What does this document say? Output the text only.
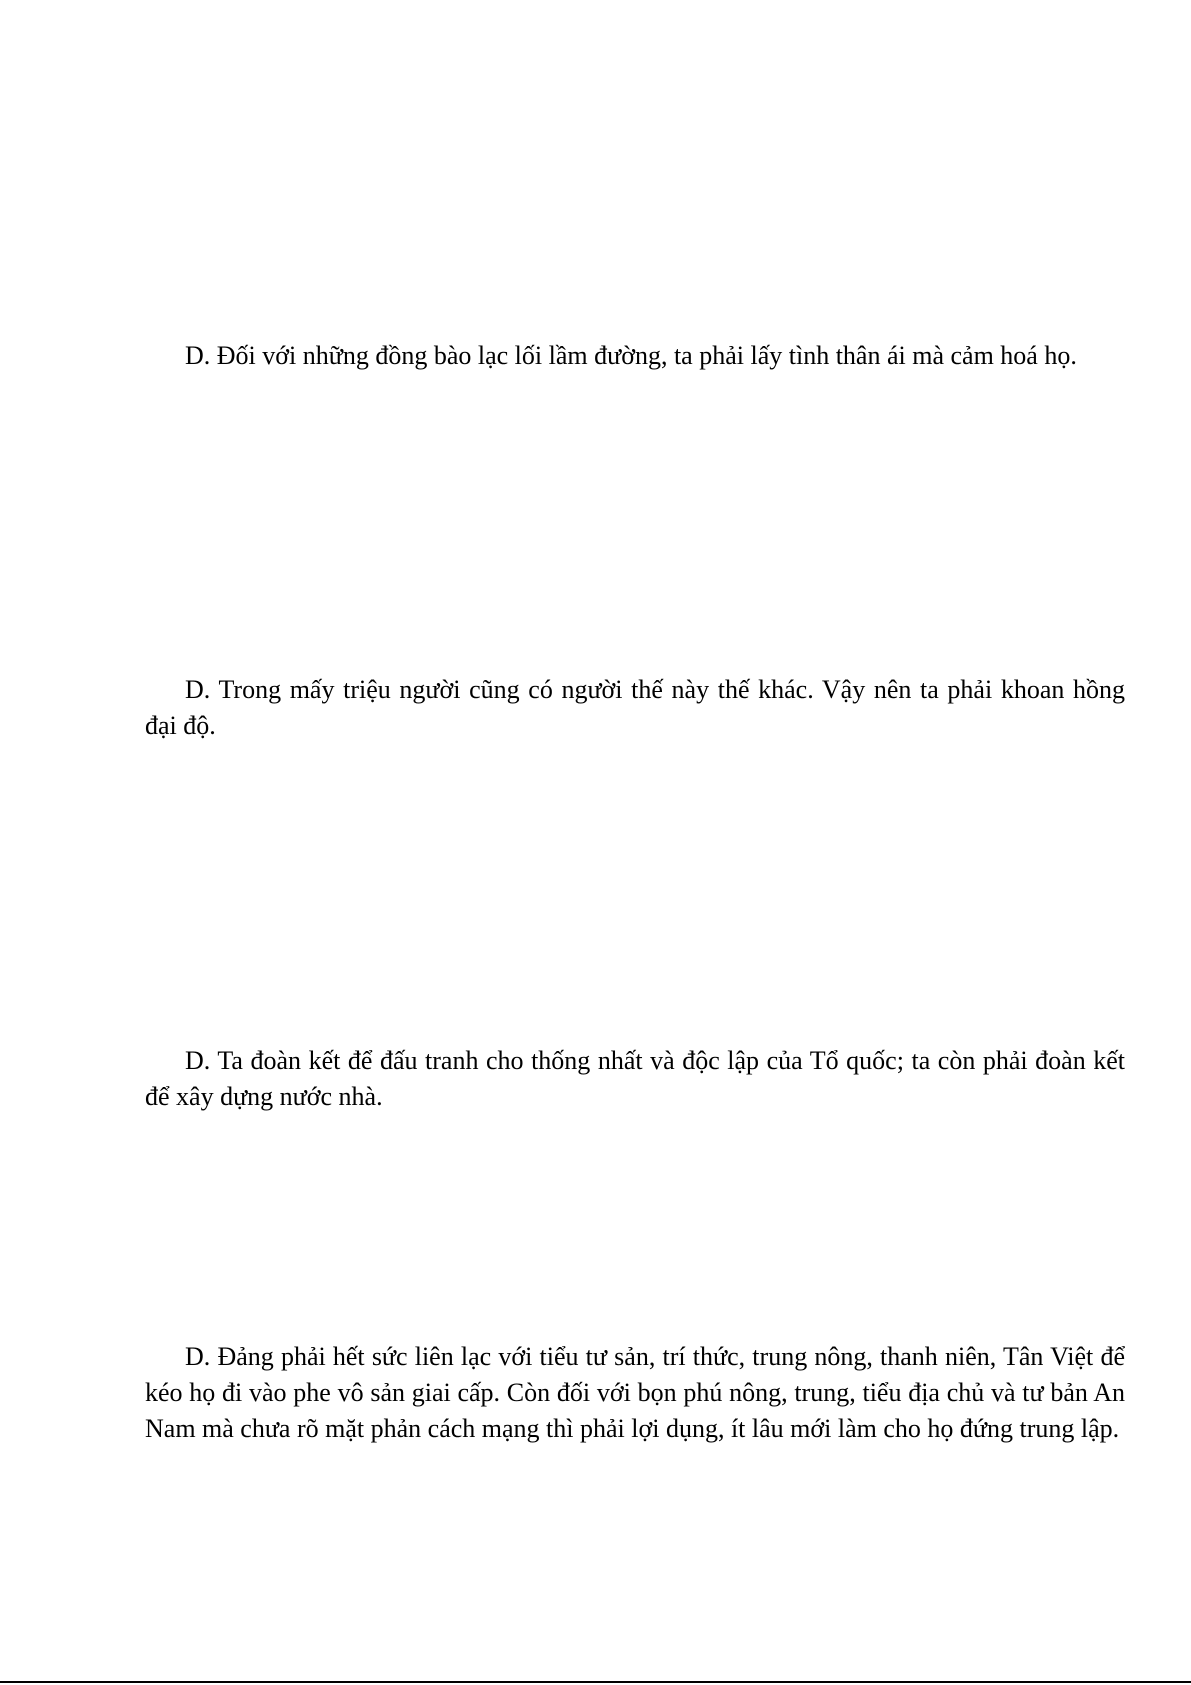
D. Đối với những đồng bào lạc lối lầm đường, ta phải lấy tình thân ái mà cảm hoá họ.

D. Trong mấy triệu người cũng có người thế này thế khác. Vậy nên ta phải khoan hồng đại độ.

D. Ta đoàn kết để đấu tranh cho thống nhất và độc lập của Tổ quốc; ta còn phải đoàn kết để xây dựng nước nhà.

D. Đảng phải hết sức liên lạc với tiểu tư sản, trí thức, trung nông, thanh niên, Tân Việt để kéo họ đi vào phe vô sản giai cấp. Còn đối với bọn phú nông, trung, tiểu địa chủ và tư bản An Nam mà chưa rõ mặt phản cách mạng thì phải lợi dụng, ít lâu mới làm cho họ đứng trung lập.
